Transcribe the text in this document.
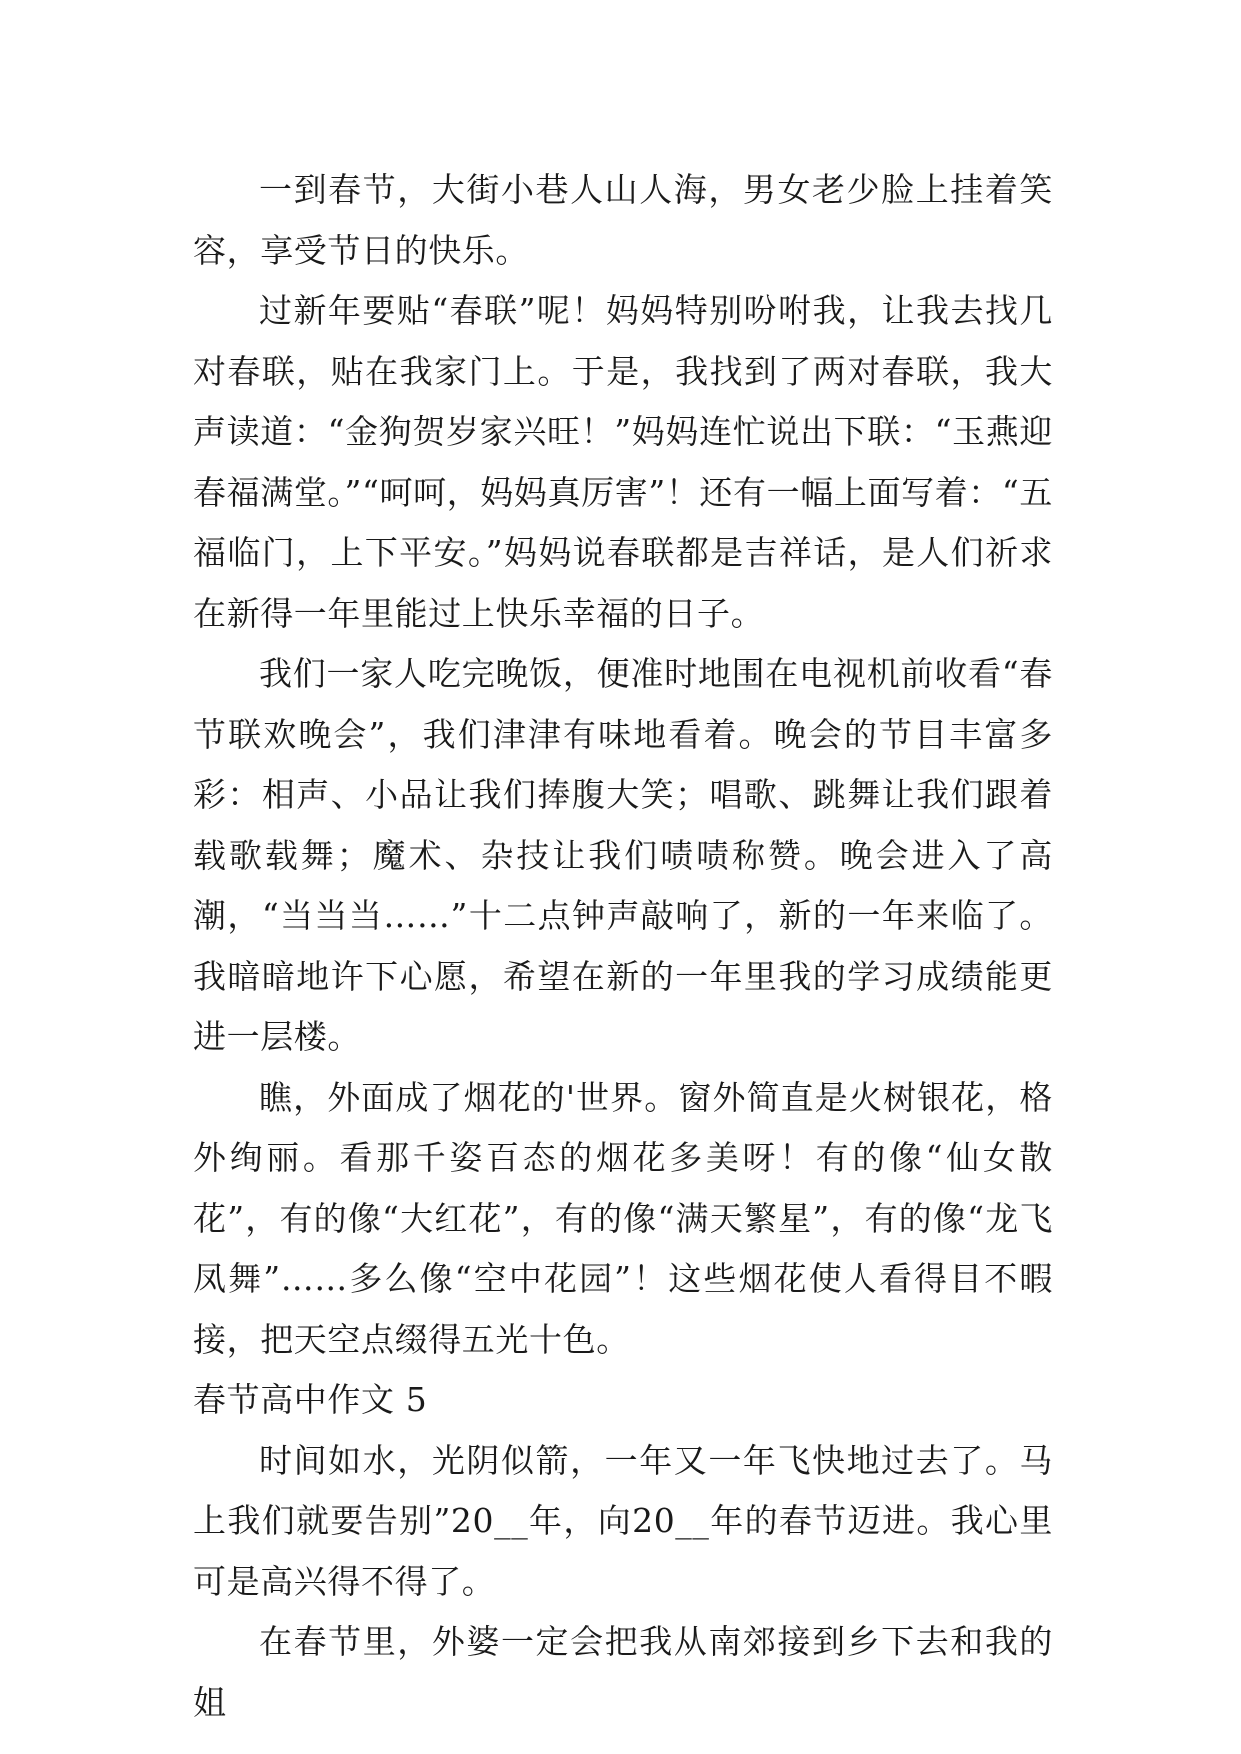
一到春节，大街小巷人山人海，男女老少脸上挂着笑容，享受节日的快乐。

过新年要贴“春联”呢！妈妈特别吩咐我，让我去找几对春联，贴在我家门上。于是，我找到了两对春联，我大声读道：“金狗贺岁家兴旺！”妈妈连忙说出下联：“玉燕迎春福满堂。”“呵呵，妈妈真厉害”！还有一幅上面写着：“五福临门，上下平安。”妈妈说春联都是吉祥话，是人们祈求在新得一年里能过上快乐幸福的日子。

我们一家人吃完晚饭，便准时地围在电视机前收看“春节联欢晚会”，我们津津有味地看着。晚会的节目丰富多彩：相声、小品让我们捧腹大笑；唱歌、跳舞让我们跟着载歌载舞；魔术、杂技让我们啧啧称赞。晚会进入了高潮，“当当当……”十二点钟声敲响了，新的一年来临了。我暗暗地许下心愿，希望在新的一年里我的学习成绩能更进一层楼。

瞧，外面成了烟花的'世界。窗外简直是火树银花，格外绚丽。看那千姿百态的烟花多美呀！有的像“仙女散花”，有的像“大红花”，有的像“满天繁星”，有的像“龙飞凤舞”……多么像“空中花园”！这些烟花使人看得目不暇接，把天空点缀得五光十色。

春节高中作文 5

时间如水，光阴似箭，一年又一年飞快地过去了。马上我们就要告别”20__年，向20__年的春节迈进。我心里可是高兴得不得了。

在春节里，外婆一定会把我从南郊接到乡下去和我的姐
